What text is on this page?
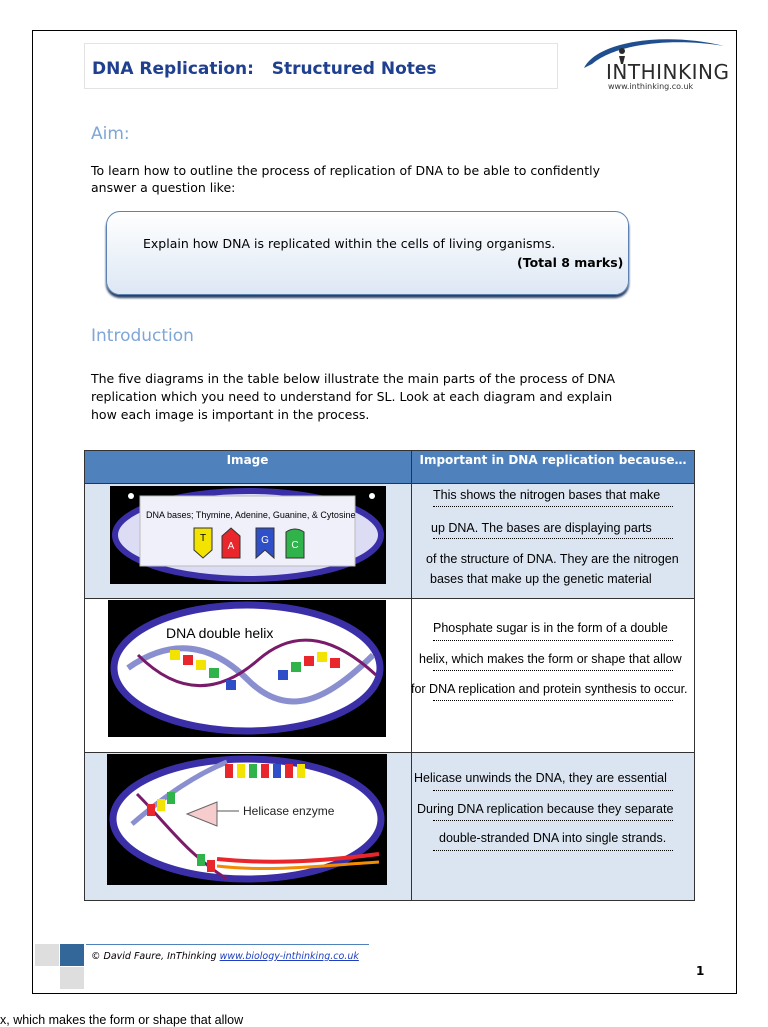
DNA Replication:   Structured Notes	INTHINKING
www.inthinking.co.uk
Aim:
To learn how to outline the process of replication of DNA to be able to confidently answer a question like:
Explain how DNA is replicated within the cells of living organisms.
(Total 8 marks)
Introduction
The five diagrams in the table below illustrate the main parts of the process of DNA replication which you need to understand for SL. Look at each diagram and explain how each image is important in the process.
Image	Important in DNA replication because…
DNA bases; Thymine, Adenine, Guanine, & Cytosine
T
A
G C
DNA double helix
Helicase enzyme
This shows the nitrogen bases that make
up DNA. The bases are displaying parts
of the structure of DNA. They are the nitrogen
bases that make up the genetic material
Phosphate sugar is in the form of a double
helix, which makes the form or shape that allow
for DNA replication and protein synthesis to occur.
Helicase unwinds the DNA, they are essential
During DNA replication because they separate
double-stranded DNA into single strands.
© David Faure, InThinking www.biology-inthinking.co.uk
1
x, which makes the form or shape that allow
